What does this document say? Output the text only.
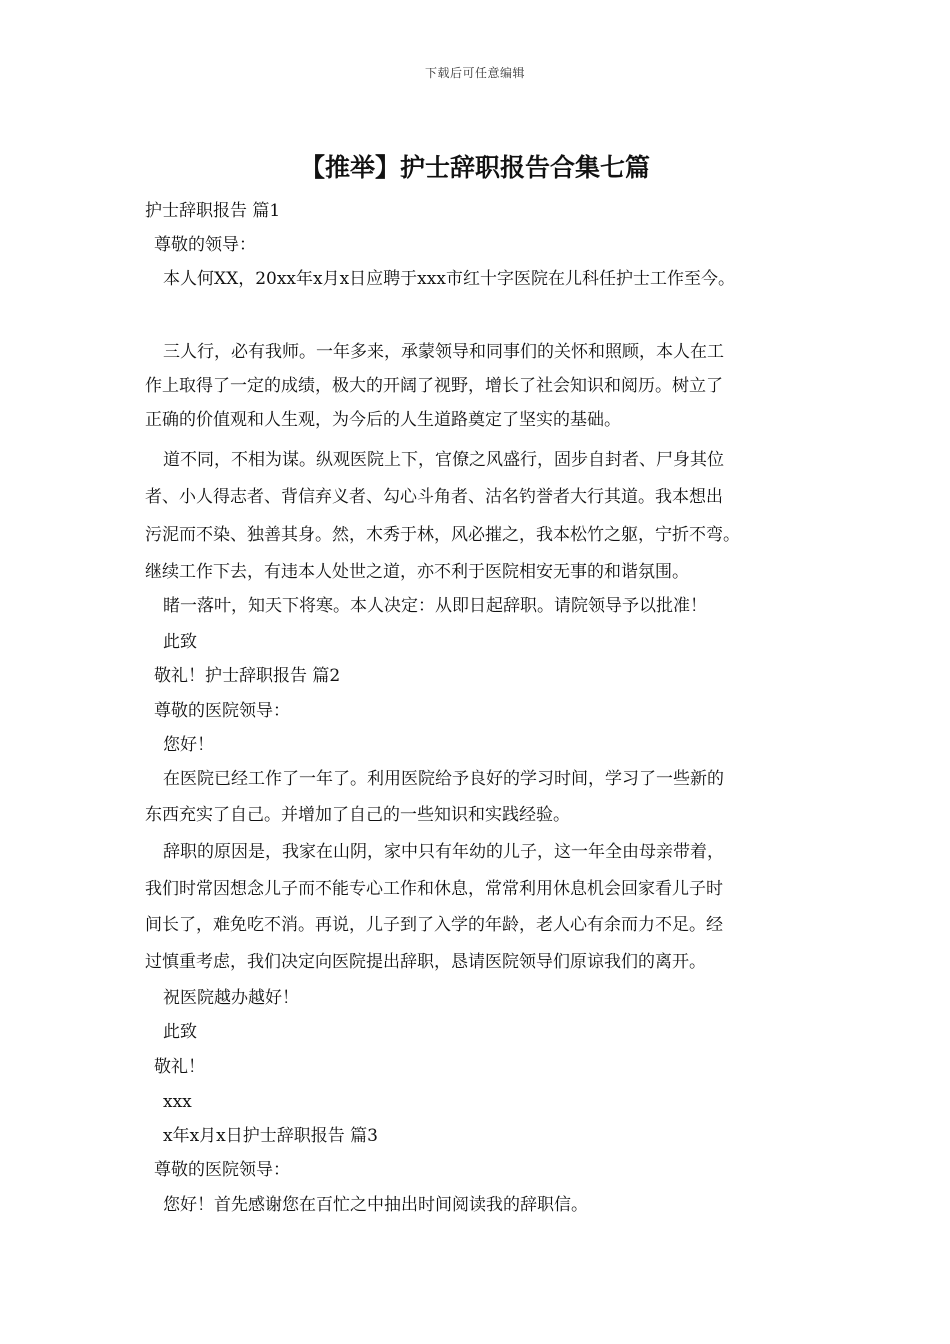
下载后可任意编辑
【推举】护士辞职报告合集七篇
护士辞职报告 篇1
尊敬的领导：
本人何XX，20xx年x月x日应聘于xxx市红十字医院在儿科任护士工作至今。
三人行，必有我师。一年多来，承蒙领导和同事们的关怀和照顾，本人在工
作上取得了一定的成绩，极大的开阔了视野，增长了社会知识和阅历。树立了
正确的价值观和人生观，为今后的人生道路奠定了坚实的基础。
道不同，不相为谋。纵观医院上下，官僚之风盛行，固步自封者、尸身其位
者、小人得志者、背信弃义者、勾心斗角者、沽名钓誉者大行其道。我本想出
污泥而不染、独善其身。然，木秀于林，风必摧之，我本松竹之躯，宁折不弯。
继续工作下去，有违本人处世之道，亦不利于医院相安无事的和谐氛围。
睹一落叶，知天下将寒。本人决定：从即日起辞职。请院领导予以批准！
此致
敬礼！护士辞职报告 篇2
尊敬的医院领导：
您好！
在医院已经工作了一年了。利用医院给予良好的学习时间，学习了一些新的
东西充实了自己。并增加了自己的一些知识和实践经验。
辞职的原因是，我家在山阴，家中只有年幼的儿子，这一年全由母亲带着，
我们时常因想念儿子而不能专心工作和休息，常常利用休息机会回家看儿子时
间长了，难免吃不消。再说，儿子到了入学的年龄，老人心有余而力不足。经
过慎重考虑，我们决定向医院提出辞职，恳请医院领导们原谅我们的离开。
祝医院越办越好！
此致
敬礼！
xxx
x年x月x日护士辞职报告 篇3
尊敬的医院领导：
您好！首先感谢您在百忙之中抽出时间阅读我的辞职信。
